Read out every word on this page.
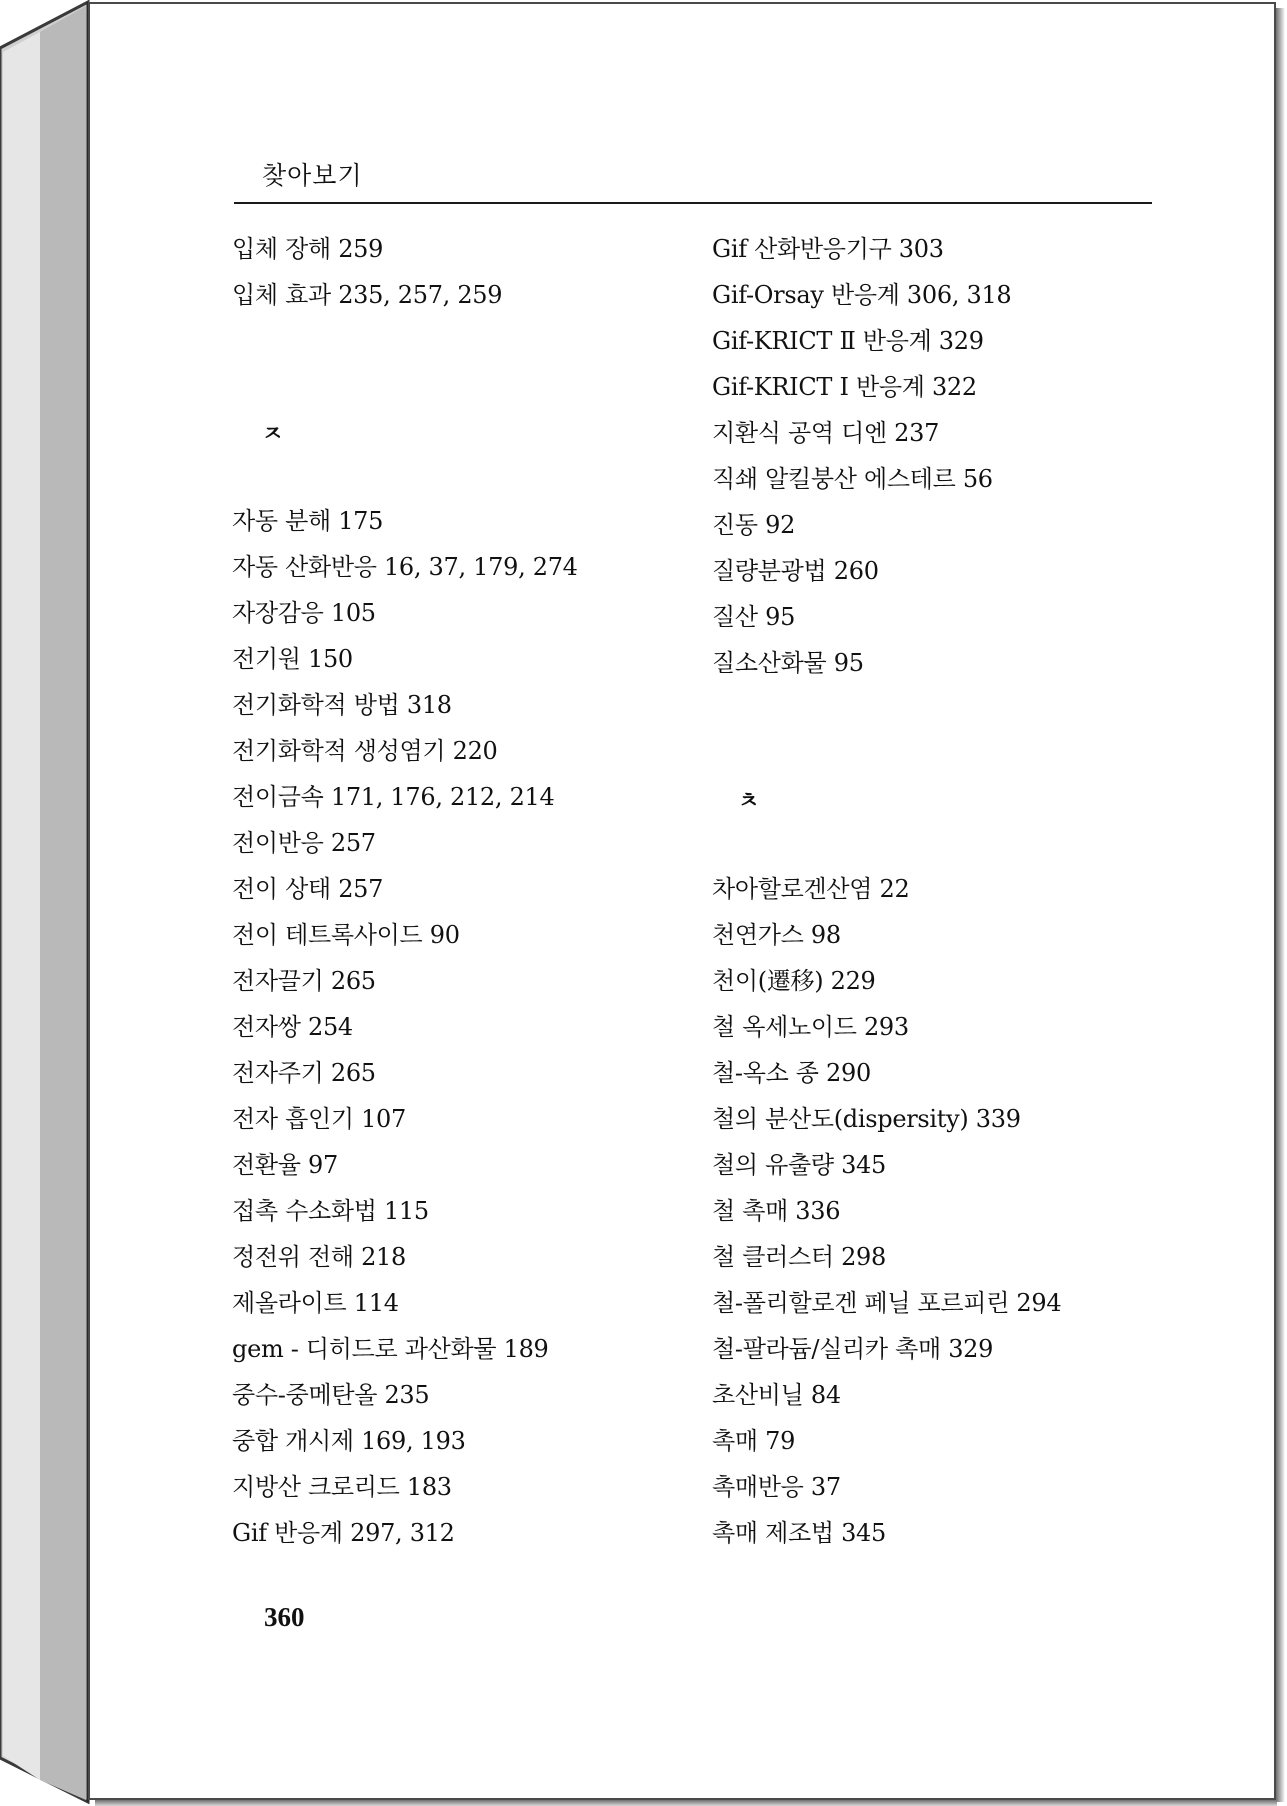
찾아보기
입체 장해 259
입체 효과 235, 257, 259
ㅈ
자동 분해 175
자동 산화반응 16, 37, 179, 274
자장감응 105
전기원 150
전기화학적 방법 318
전기화학적 생성염기 220
전이금속 171, 176, 212, 214
전이반응 257
전이 상태 257
전이 테트록사이드 90
전자끌기 265
전자쌍 254
전자주기 265
전자 흡인기 107
전환율 97
접촉 수소화법 115
정전위 전해 218
제올라이트 114
gem - 디히드로 과산화물 189
중수-중메탄올 235
중합 개시제 169, 193
지방산 크로리드 183
Gif 반응계 297, 312
Gif 산화반응기구 303
Gif-Orsay 반응계 306, 318
Gif-KRICT Ⅱ 반응계 329
Gif-KRICT Ⅰ 반응계 322
지환식 공역 디엔 237
직쇄 알킬붕산 에스테르 56
진동 92
질량분광법 260
질산 95
질소산화물 95
ㅊ
차아할로겐산염 22
천연가스 98
천이(遷移) 229
철 옥세노이드 293
철-옥소 종 290
철의 분산도(dispersity) 339
철의 유출량 345
철 촉매 336
철 클러스터 298
철-폴리할로겐 페닐 포르피린 294
철-팔라듐/실리카 촉매 329
초산비닐 84
촉매 79
촉매반응 37
촉매 제조법 345
360
